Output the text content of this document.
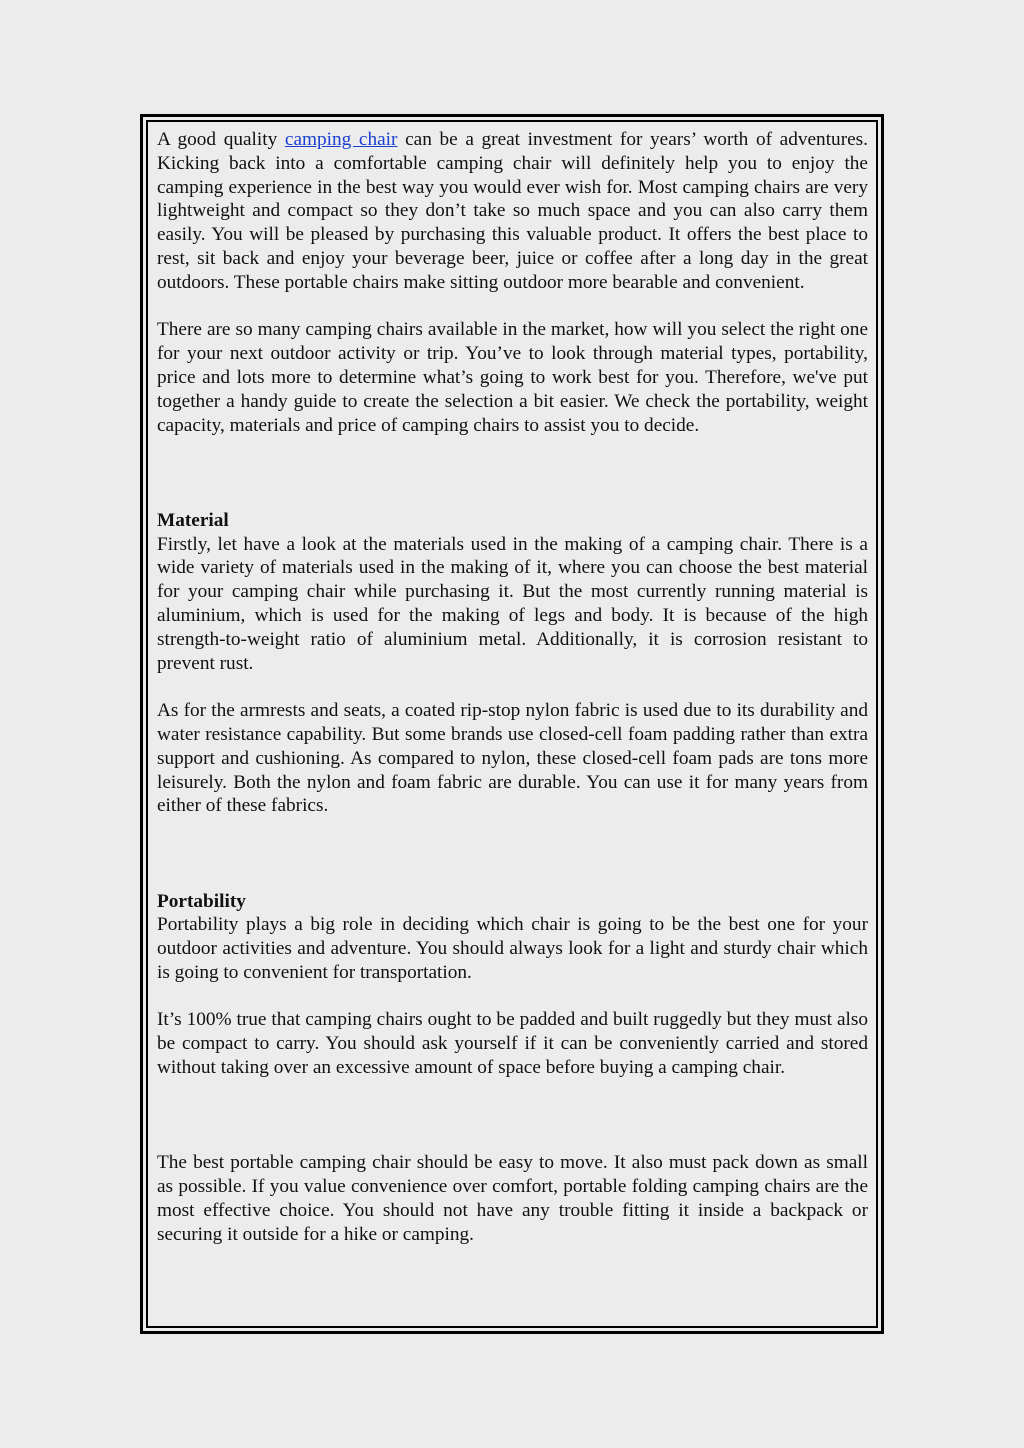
A good quality camping chair can be a great investment for years’ worth of adventures. Kicking back into a comfortable camping chair will definitely help you to enjoy the camping experience in the best way you would ever wish for. Most camping chairs are very lightweight and compact so they don’t take so much space and you can also carry them easily. You will be pleased by purchasing this valuable product. It offers the best place to rest, sit back and enjoy your beverage beer, juice or coffee after a long day in the great outdoors. These portable chairs make sitting outdoor more bearable and convenient.

There are so many camping chairs available in the market, how will you select the right one for your next outdoor activity or trip. You’ve to look through material types, portability, price and lots more to determine what’s going to work best for you. Therefore, we've put together a handy guide to create the selection a bit easier. We check the portability, weight capacity, materials and price of camping chairs to assist you to decide.

Material

Firstly, let have a look at the materials used in the making of a camping chair. There is a wide variety of materials used in the making of it, where you can choose the best material for your camping chair while purchasing it. But the most currently running material is aluminium, which is used for the making of legs and body. It is because of the high strength-to-weight ratio of aluminium metal. Additionally, it is corrosion resistant to prevent rust.

As for the armrests and seats, a coated rip-stop nylon fabric is used due to its durability and water resistance capability. But some brands use closed-cell foam padding rather than extra support and cushioning. As compared to nylon, these closed-cell foam pads are tons more leisurely. Both the nylon and foam fabric are durable. You can use it for many years from either of these fabrics.

Portability

Portability plays a big role in deciding which chair is going to be the best one for your outdoor activities and adventure. You should always look for a light and sturdy chair which is going to convenient for transportation.

It’s 100% true that camping chairs ought to be padded and built ruggedly but they must also be compact to carry. You should ask yourself if it can be conveniently carried and stored without taking over an excessive amount of space before buying a camping chair.

The best portable camping chair should be easy to move. It also must pack down as small as possible. If you value convenience over comfort, portable folding camping chairs are the most effective choice. You should not have any trouble fitting it inside a backpack or securing it outside for a hike or camping.
